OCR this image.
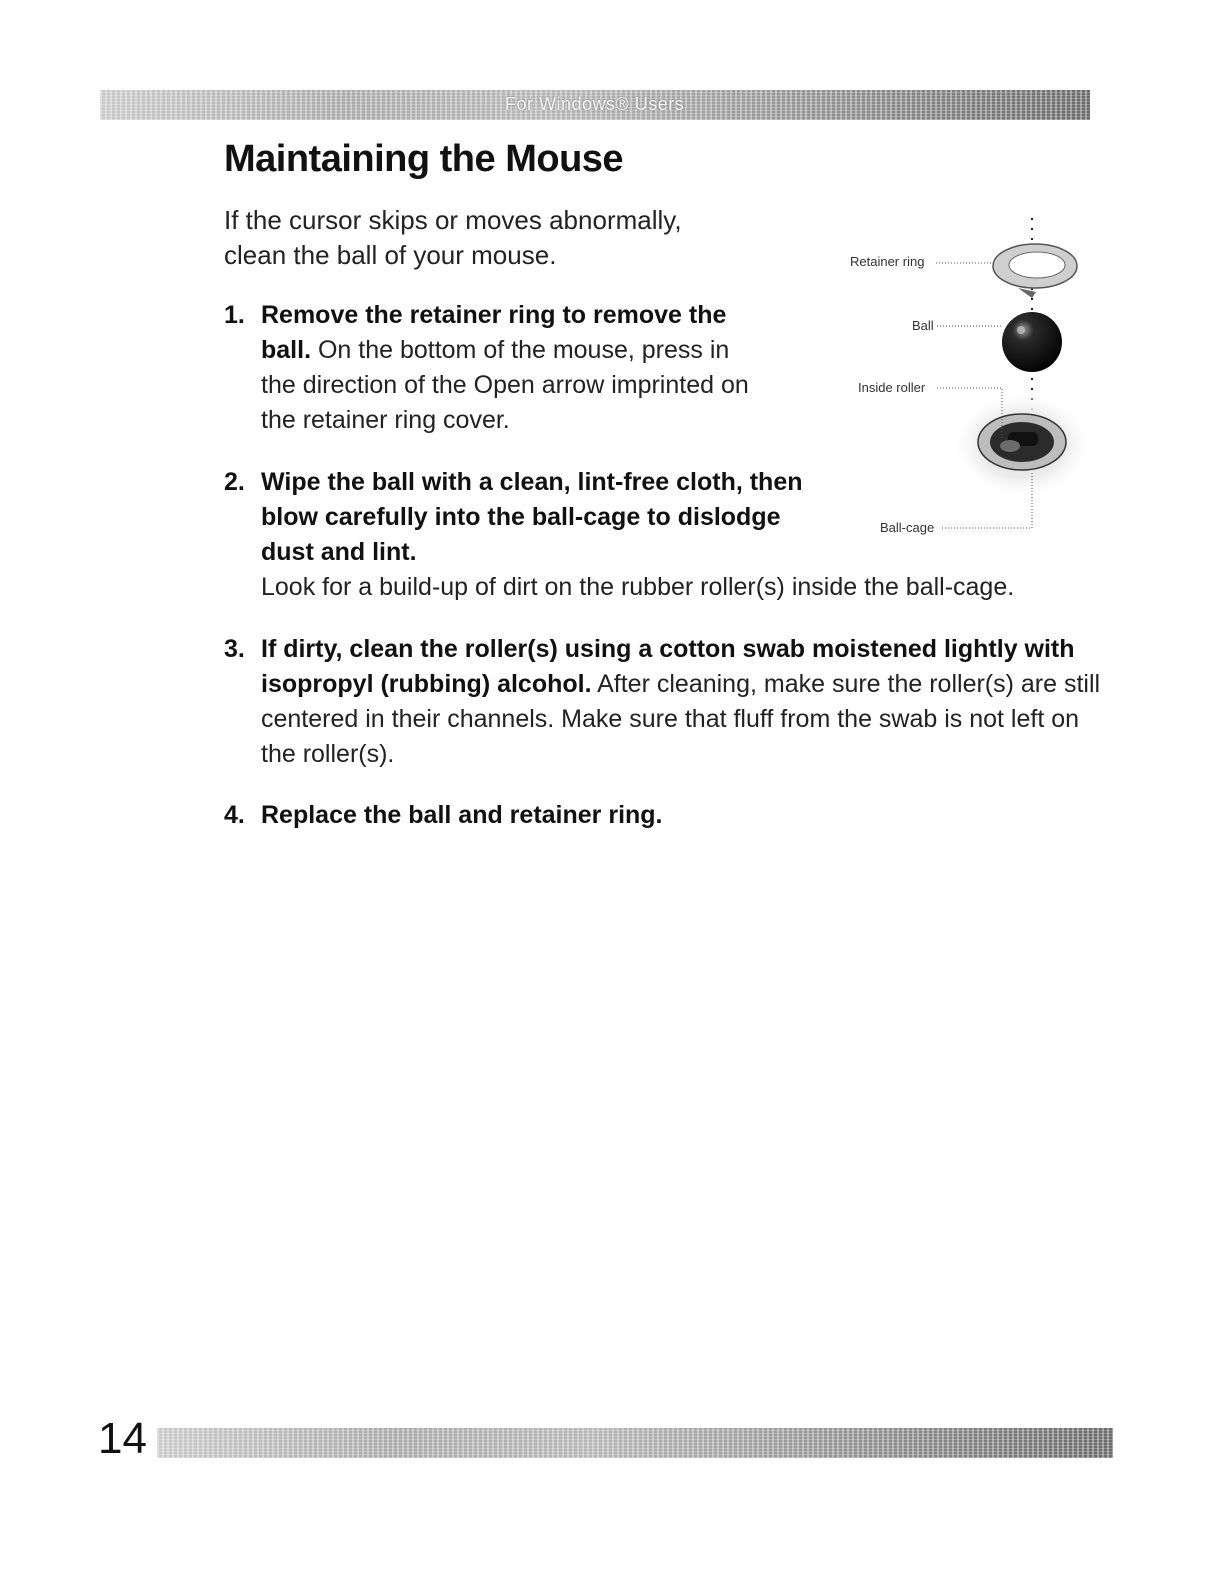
For Windows® Users
Maintaining the Mouse

If the cursor skips or moves abnormally, clean the ball of your mouse.

1. Remove the retainer ring to remove the ball. On the bottom of the mouse, press in the direction of the Open arrow imprinted on the retainer ring cover.
2. Wipe the ball with a clean, lint-free cloth, then blow carefully into the ball-cage to dislodge dust and lint.
Look for a build-up of dirt on the rubber roller(s) inside the ball-cage.
3. If dirty, clean the roller(s) using a cotton swab moistened lightly with isopropyl (rubbing) alcohol. After cleaning, make sure the roller(s) are still centered in their channels. Make sure that fluff from the swab is not left on the roller(s).
4. Replace the ball and retainer ring.
Retainer ring
Ball
Inside roller
Ball-cage
14
